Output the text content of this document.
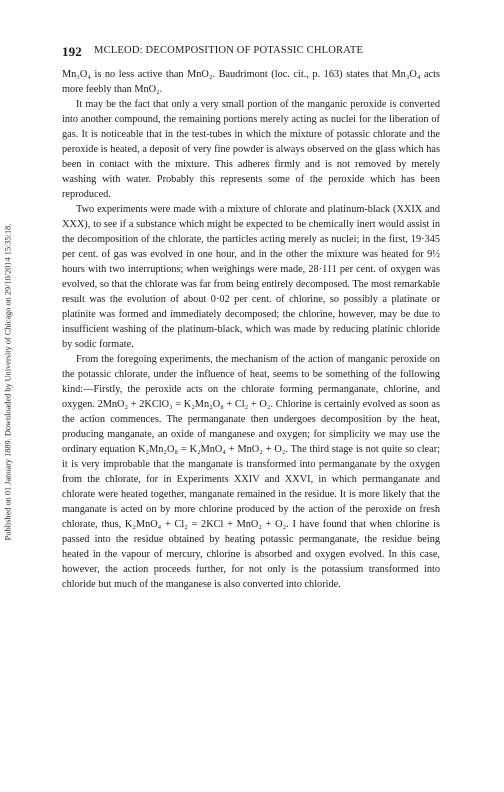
Published on 01 January 1889. Downloaded by University of Chicago on 29/10/2014 15:35:18.
192 MCLEOD: DECOMPOSITION OF POTASSIC CHLORATE

Mn₃O₄ is no less active than MnO₂. Baudrimont (loc. cit., p. 163) states that Mn₃O₄ acts more feebly than MnO₂.

It may be the fact that only a very small portion of the manganic peroxide is converted into another compound, the remaining portions merely acting as nuclei for the liberation of gas. It is noticeable that in the test-tubes in which the mixture of potassic chlorate and the peroxide is heated, a deposit of very fine powder is always observed on the glass which has been in contact with the mixture. This adheres firmly and is not removed by merely washing with water. Probably this represents some of the peroxide which has been reproduced.

Two experiments were made with a mixture of chlorate and platinum-black (XXIX and XXX), to see if a substance which might be expected to be chemically inert would assist in the decomposition of the chlorate, the particles acting merely as nuclei; in the first, 19·345 per cent. of gas was evolved in one hour, and in the other the mixture was heated for 9½ hours with two interruptions; when weighings were made, 28·111 per cent. of oxygen was evolved, so that the chlorate was far from being entirely decomposed. The most remarkable result was the evolution of about 0·02 per cent. of chlorine, so possibly a platinate or platinite was formed and immediately decomposed; the chlorine, however, may be due to insufficient washing of the platinum-black, which was made by reducing platinic chloride by sodic formate.

From the foregoing experiments, the mechanism of the action of manganic peroxide on the potassic chlorate, under the influence of heat, seems to be something of the following kind:—Firstly, the peroxide acts on the chlorate forming permanganate, chlorine, and oxygen. 2MnO₂ + 2KClO₃ = K₂Mn₂O₈ + Cl₂ + O₂. Chlorine is certainly evolved as soon as the action commences. The permanganate then undergoes decomposition by the heat, producing manganate, an oxide of manganese and oxygen; for simplicity we may use the ordinary equation K₂Mn₂O₈ = K₂MnO₄ + MnO₂ + O₂. The third stage is not quite so clear; it is very improbable that the manganate is transformed into permanganate by the oxygen from the chlorate, for in Experiments XXIV and XXVI, in which permanganate and chlorate were heated together, manganate remained in the residue. It is more likely that the manganate is acted on by more chlorine produced by the action of the peroxide on fresh chlorate, thus, K₂MnO₄ + Cl₂ = 2KCl + MnO₂ + O₂. I have found that when chlorine is passed into the residue obtained by heating potassic permanganate, the residue being heated in the vapour of mercury, chlorine is absorbed and oxygen evolved. In this case, however, the action proceeds further, for not only is the potassium transformed into chloride but much of the manganese is also converted into chloride.
